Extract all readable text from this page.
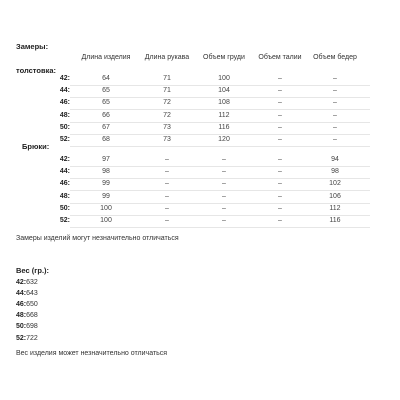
Замеры:
Длина изделия	Длина рукава	Объем груди	Объем талии	Объем бедер
толстовка:
42:	64	71	100	–	–
44:	65	71	104	–	–
46:	65	72	108	–	–
48:	66	72	112	–	–
50:	67	73	116	–	–
52:	68	73	120	–	–
Брюки:
42:	97	–	–	–	94
44:	98	–	–	–	98
46:	99	–	–	–	102
48:	99	–	–	–	106
50:	100	–	–	–	112
52:	100	–	–	–	116
Замеры изделий могут незначительно отличаться
Вес (гр.):
42:632
44:643
46:650
48:668
50:698
52:722
Вес изделия может незначительно отличаться
